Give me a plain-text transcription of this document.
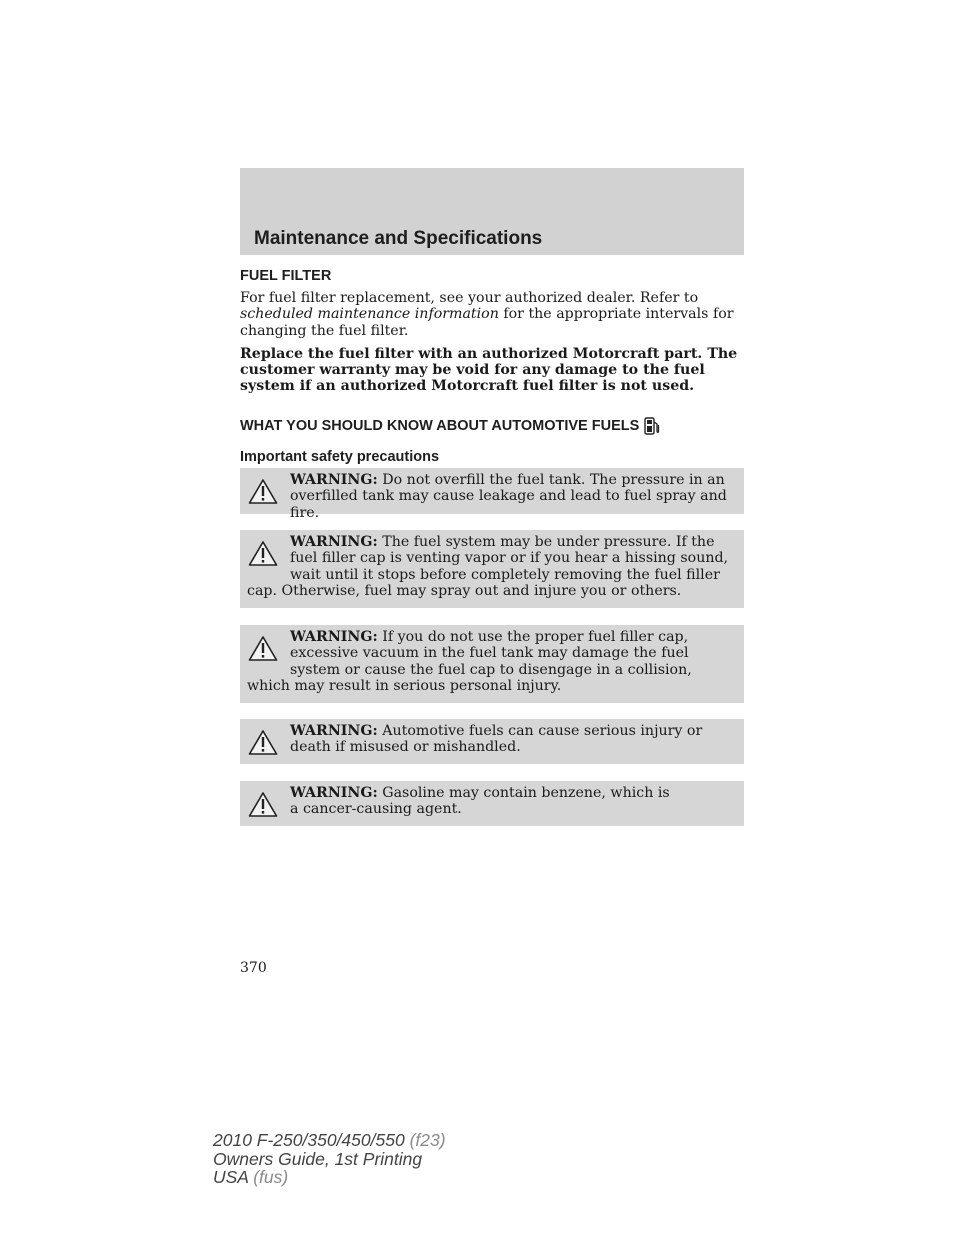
Maintenance and Specifications
FUEL FILTER

For fuel filter replacement, see your authorized dealer. Refer to
scheduled maintenance information for the appropriate intervals for changing the fuel filter.

Replace the fuel filter with an authorized Motorcraft part. The customer warranty may be void for any damage to the fuel system if an authorized Motorcraft fuel filter is not used.

WHAT YOU SHOULD KNOW ABOUT AUTOMOTIVE FUELS
Important safety precautions

WARNING: Do not overfill the fuel tank. The pressure in an overfilled tank may cause leakage and lead to fuel spray and fire.

WARNING: The fuel system may be under pressure. If the fuel filler cap is venting vapor or if you hear a hissing sound, wait until it stops before completely removing the fuel filler cap. Otherwise, fuel may spray out and injure you or others.

WARNING: If you do not use the proper fuel filler cap, excessive vacuum in the fuel tank may damage the fuel system or cause the fuel cap to disengage in a collision, which may result in serious personal injury.

WARNING: Automotive fuels can cause serious injury or death if misused or mishandled.

WARNING: Gasoline may contain benzene, which is a cancer-causing agent.

370
2010 F-250/350/450/550 (f23)
Owners Guide, 1st Printing
USA (fus)
